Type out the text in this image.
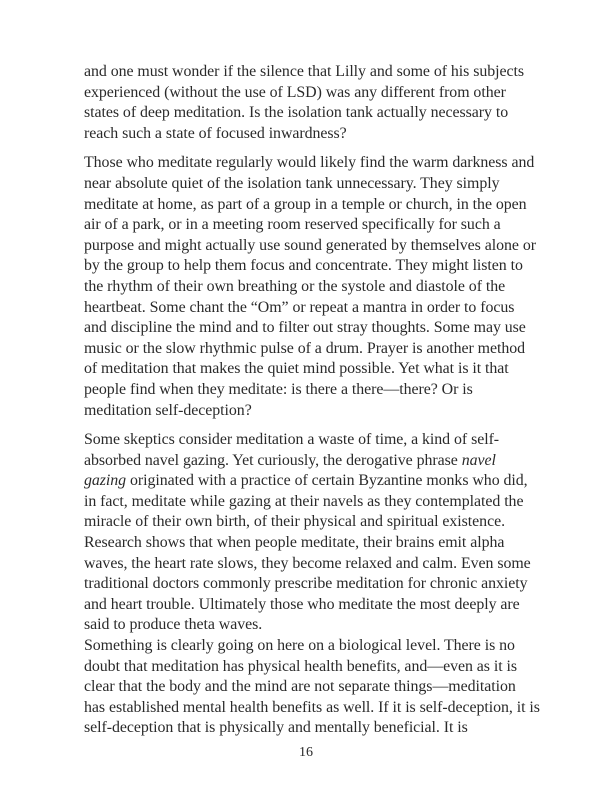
and one must wonder if the silence that Lilly and some of his subjects experienced (without the use of LSD) was any different from other states of deep meditation. Is the isolation tank actually necessary to reach such a state of focused inwardness?

Those who meditate regularly would likely find the warm darkness and near absolute quiet of the isolation tank unnecessary. They simply meditate at home, as part of a group in a temple or church, in the open air of a park, or in a meeting room reserved specifically for such a purpose and might actually use sound generated by themselves alone or by the group to help them focus and concentrate. They might listen to the rhythm of their own breathing or the systole and diastole of the heartbeat. Some chant the “Om” or repeat a mantra in order to focus and discipline the mind and to filter out stray thoughts. Some may use music or the slow rhythmic pulse of a drum. Prayer is another method of meditation that makes the quiet mind possible. Yet what is it that people find when they meditate: is there a there—there? Or is meditation self-deception?

Some skeptics consider meditation a waste of time, a kind of self-absorbed navel gazing. Yet curiously, the derogative phrase navel gazing originated with a practice of certain Byzantine monks who did, in fact, meditate while gazing at their navels as they contemplated the miracle of their own birth, of their physical and spiritual existence. Research shows that when people meditate, their brains emit alpha waves, the heart rate slows, they become relaxed and calm. Even some traditional doctors commonly prescribe meditation for chronic anxiety and heart trouble. Ultimately those who meditate the most deeply are said to produce theta waves.

Something is clearly going on here on a biological level. There is no doubt that meditation has physical health benefits, and—even as it is clear that the body and the mind are not separate things—meditation has established mental health benefits as well. If it is self-deception, it is self-deception that is physically and mentally beneficial. It is

16
